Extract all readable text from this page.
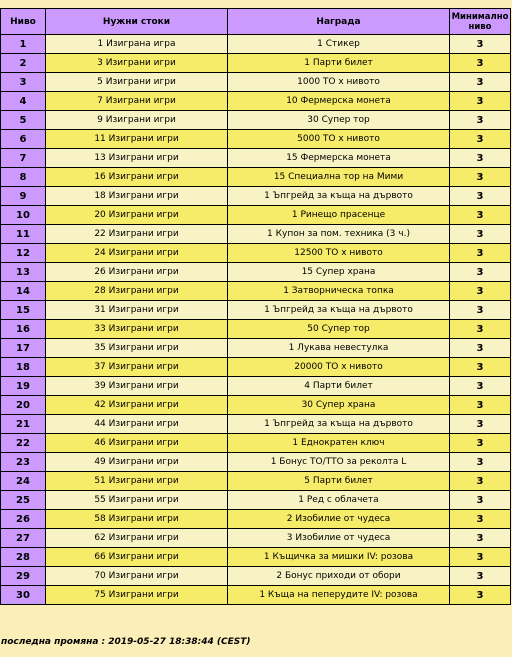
Ниво	Нужни стоки	Награда	Минимално ниво
1	1 Изиграна игра	1 Стикер	3
2	3 Изиграни игри	1 Парти билет	3
3	5 Изиграни игри	1000 ТО x нивото	3
4	7 Изиграни игри	10 Фермерска монета	3
5	9 Изиграни игри	30 Супер тор	3
6	11 Изиграни игри	5000 ТО x нивото	3
7	13 Изиграни игри	15 Фермерска монета	3
8	16 Изиграни игри	15 Специална тор на Мими	3
9	18 Изиграни игри	1 Ъпгрейд за къща на дървото	3
10	20 Изиграни игри	1 Ринещо прасенце	3
11	22 Изиграни игри	1 Купон за пом. техника (3 ч.)	3
12	24 Изиграни игри	12500 ТО x нивото	3
13	26 Изиграни игри	15 Супер храна	3
14	28 Изиграни игри	1 Затворническа топка	3
15	31 Изиграни игри	1 Ъпгрейд за къща на дървото	3
16	33 Изиграни игри	50 Супер тор	3
17	35 Изиграни игри	1 Лукава невестулка	3
18	37 Изиграни игри	20000 ТО x нивото	3
19	39 Изиграни игри	4 Парти билет	3
20	42 Изиграни игри	30 Супер храна	3
21	44 Изиграни игри	1 Ъпгрейд за къща на дървото	3
22	46 Изиграни игри	1 Еднократен ключ	3
23	49 Изиграни игри	1 Бонус ТО/ТТО за реколта L	3
24	51 Изиграни игри	5 Парти билет	3
25	55 Изиграни игри	1 Ред с облачета	3
26	58 Изиграни игри	2 Изобилие от чудеса	3
27	62 Изиграни игри	3 Изобилие от чудеса	3
28	66 Изиграни игри	1 Къщичка за мишки IV: розова	3
29	70 Изиграни игри	2 Бонус приходи от обори	3
30	75 Изиграни игри	1 Къща на пеперудите IV: розова	3
последна промяна : 2019-05-27 18:38:44 (CEST)
